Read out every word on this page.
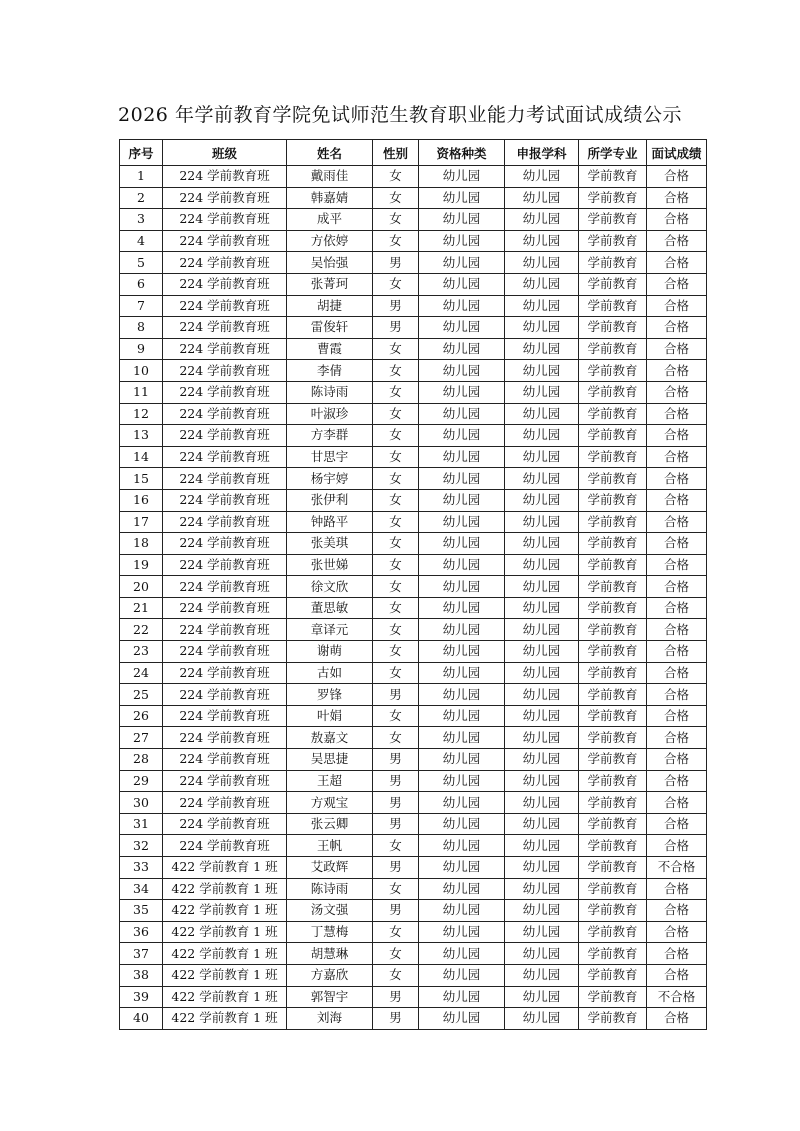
2026 年学前教育学院免试师范生教育职业能力考试面试成绩公示
序号	班级	姓名	性别	资格种类	申报学科	所学专业	面试成绩
1	224 学前教育班	戴雨佳	女	幼儿园	幼儿园	学前教育	合格
2	224 学前教育班	韩嘉婧	女	幼儿园	幼儿园	学前教育	合格
3	224 学前教育班	成平	女	幼儿园	幼儿园	学前教育	合格
4	224 学前教育班	方依婷	女	幼儿园	幼儿园	学前教育	合格
5	224 学前教育班	吴怡强	男	幼儿园	幼儿园	学前教育	合格
6	224 学前教育班	张菁珂	女	幼儿园	幼儿园	学前教育	合格
7	224 学前教育班	胡捷	男	幼儿园	幼儿园	学前教育	合格
8	224 学前教育班	雷俊轩	男	幼儿园	幼儿园	学前教育	合格
9	224 学前教育班	曹霞	女	幼儿园	幼儿园	学前教育	合格
10	224 学前教育班	李倩	女	幼儿园	幼儿园	学前教育	合格
11	224 学前教育班	陈诗雨	女	幼儿园	幼儿园	学前教育	合格
12	224 学前教育班	叶淑珍	女	幼儿园	幼儿园	学前教育	合格
13	224 学前教育班	方李群	女	幼儿园	幼儿园	学前教育	合格
14	224 学前教育班	甘思宇	女	幼儿园	幼儿园	学前教育	合格
15	224 学前教育班	杨宇婷	女	幼儿园	幼儿园	学前教育	合格
16	224 学前教育班	张伊利	女	幼儿园	幼儿园	学前教育	合格
17	224 学前教育班	钟路平	女	幼儿园	幼儿园	学前教育	合格
18	224 学前教育班	张美琪	女	幼儿园	幼儿园	学前教育	合格
19	224 学前教育班	张世娣	女	幼儿园	幼儿园	学前教育	合格
20	224 学前教育班	徐文欣	女	幼儿园	幼儿园	学前教育	合格
21	224 学前教育班	董思敏	女	幼儿园	幼儿园	学前教育	合格
22	224 学前教育班	章译元	女	幼儿园	幼儿园	学前教育	合格
23	224 学前教育班	谢萌	女	幼儿园	幼儿园	学前教育	合格
24	224 学前教育班	古如	女	幼儿园	幼儿园	学前教育	合格
25	224 学前教育班	罗锋	男	幼儿园	幼儿园	学前教育	合格
26	224 学前教育班	叶娟	女	幼儿园	幼儿园	学前教育	合格
27	224 学前教育班	敖嘉文	女	幼儿园	幼儿园	学前教育	合格
28	224 学前教育班	吴思捷	男	幼儿园	幼儿园	学前教育	合格
29	224 学前教育班	王超	男	幼儿园	幼儿园	学前教育	合格
30	224 学前教育班	方观宝	男	幼儿园	幼儿园	学前教育	合格
31	224 学前教育班	张云卿	男	幼儿园	幼儿园	学前教育	合格
32	224 学前教育班	王帆	女	幼儿园	幼儿园	学前教育	合格
33	422 学前教育 1 班	艾政辉	男	幼儿园	幼儿园	学前教育	不合格
34	422 学前教育 1 班	陈诗雨	女	幼儿园	幼儿园	学前教育	合格
35	422 学前教育 1 班	汤文强	男	幼儿园	幼儿园	学前教育	合格
36	422 学前教育 1 班	丁慧梅	女	幼儿园	幼儿园	学前教育	合格
37	422 学前教育 1 班	胡慧琳	女	幼儿园	幼儿园	学前教育	合格
38	422 学前教育 1 班	方嘉欣	女	幼儿园	幼儿园	学前教育	合格
39	422 学前教育 1 班	郭智宇	男	幼儿园	幼儿园	学前教育	不合格
40	422 学前教育 1 班	刘海	男	幼儿园	幼儿园	学前教育	合格
